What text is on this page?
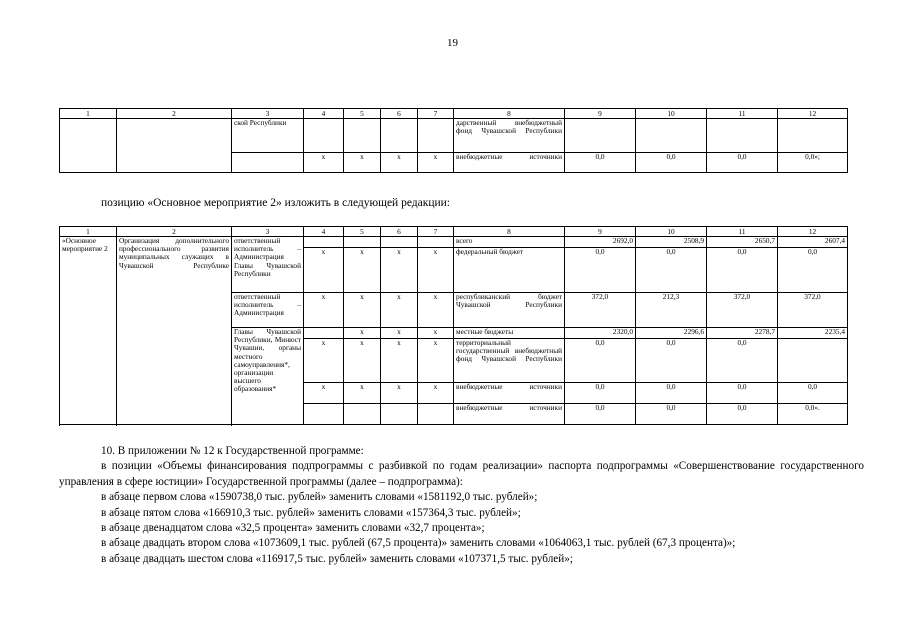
19
1	2	3	4	5	6	7	8	9	10	11	12
		ской Республики					дарственный внебюджетный фонд Чувашской Республики				
			x	x	x	x	внебюджетные источники	0,0	0,0	0,0	0,0»;
позицию «Основное мероприятие 2» изложить в следующей редакции:
1	2	3	4	5	6	7	8	9	10	11	12
«Основное мероприятие 2	Организация дополнительного профессионального развития муниципальных служащих в Чувашской Республике	ответственный исполнитель – Администрация Главы Чувашской Республики					всего	2692,0	2508,9	2650,7	2607,4
			x	x	x	x	федеральный бюджет	0,0	0,0	0,0	0,0
		ответственный исполнитель – Администрация	x	x	x	x	республиканский бюджет Чувашской Республики	372,0	212,3	372,0	372,0
		Главы Чувашской Республики, Минюст Чувашии, органы местного самоуправления*, организации высшего образования*		x	x	x	местные бюджеты	2320,0	2296,6	2278,7	2235,4
			x	x	x	x	территориальный государственный внебюджетный фонд Чувашской Республики	0,0	0,0	0,0	
			x	x	x	x	внебюджетные источники	0,0	0,0	0,0	0,0
							внебюджетные источники	0,0	0,0	0,0	0,0».

10. В приложении № 12 к Государственной программе:

в позиции «Объемы финансирования подпрограммы с разбивкой по годам реализации» паспорта подпрограммы «Совершенствование государственного управления в сфере юстиции» Государственной программы (далее – подпрограмма):

в абзаце первом слова «1590738,0 тыс. рублей» заменить словами «1581192,0 тыс. рублей»;

в абзаце пятом слова «166910,3 тыс. рублей» заменить словами «157364,3 тыс. рублей»;

в абзаце двенадцатом слова «32,5 процента» заменить словами «32,7 процента»;

в абзаце двадцать втором слова «1073609,1 тыс. рублей (67,5 процента)» заменить словами «1064063,1 тыс. рублей (67,3 процента)»;

в абзаце двадцать шестом слова «116917,5 тыс. рублей» заменить словами «107371,5 тыс. рублей»;
